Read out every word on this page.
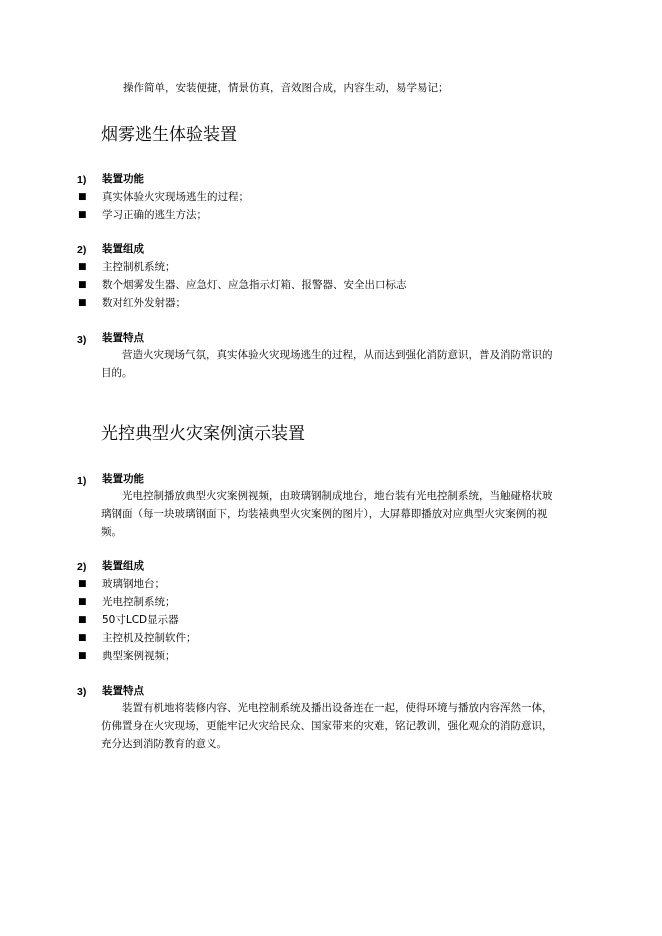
操作简单，安装便捷，情景仿真，音效图合成，内容生动，易学易记；
烟雾逃生体验装置
1) 装置功能
■ 真实体验火灾现场逃生的过程；
■ 学习正确的逃生方法；
2) 装置组成
■ 主控制机系统；
■ 数个烟雾发生器、应急灯、应急指示灯箱、报警器、安全出口标志
■ 数对红外发射器；
3) 装置特点
营造火灾现场气氛，真实体验火灾现场逃生的过程，从而达到强化消防意识，普及消防常识的目的。
光控典型火灾案例演示装置
1) 装置功能
光电控制播放典型火灾案例视频，由玻璃钢制成地台，地台装有光电控制系统，当触碰格状玻璃钢面（每一块玻璃钢面下，均装裱典型火灾案例的图片），大屏幕即播放对应典型火灾案例的视频。
2) 装置组成
■ 玻璃钢地台；
■ 光电控制系统；
■ 50寸LCD显示器
■ 主控机及控制软件；
■ 典型案例视频；
3) 装置特点
装置有机地将装修内容、光电控制系统及播出设备连在一起，使得环境与播放内容浑然一体，仿佛置身在火灾现场，更能牢记火灾给民众、国家带来的灾难，铭记教训，强化观众的消防意识，充分达到消防教育的意义。
